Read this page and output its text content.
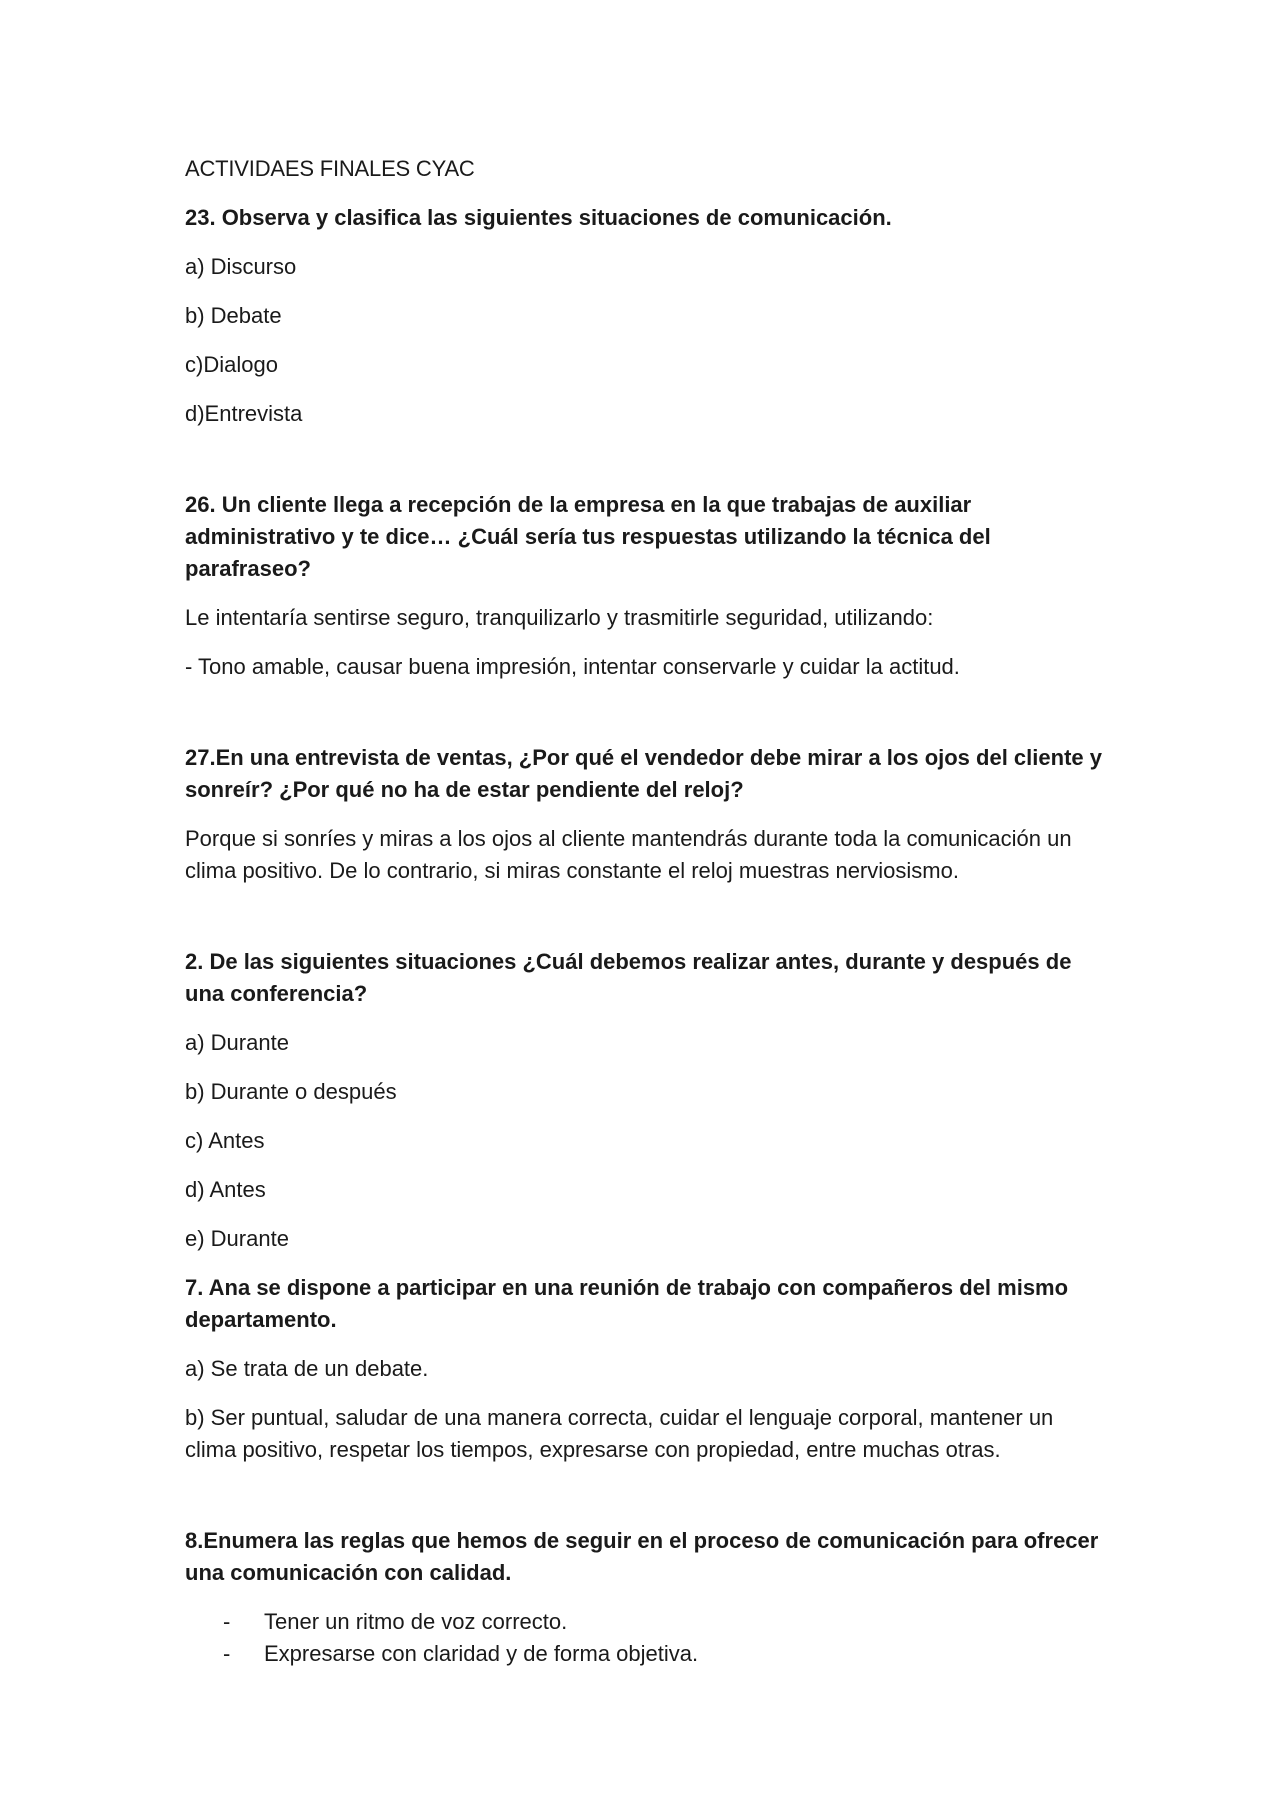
ACTIVIDAES FINALES CYAC

23. Observa y clasifica las siguientes situaciones de comunicación.

a) Discurso

b) Debate

c)Dialogo

d)Entrevista

26. Un cliente llega a recepción de la empresa en la que trabajas de auxiliar administrativo y te dice… ¿Cuál sería tus respuestas utilizando la técnica del parafraseo?

Le intentaría sentirse seguro, tranquilizarlo y trasmitirle seguridad, utilizando:

- Tono amable, causar buena impresión, intentar conservarle y cuidar la actitud.

27.En una entrevista de ventas, ¿Por qué el vendedor debe mirar a los ojos del cliente y sonreír? ¿Por qué no ha de estar pendiente del reloj?

Porque si sonríes y miras a los ojos al cliente mantendrás durante toda la comunicación un clima positivo. De lo contrario, si miras constante el reloj muestras nerviosismo.

2. De las siguientes situaciones ¿Cuál debemos realizar antes, durante y después de una conferencia?

a) Durante

b) Durante o después

c) Antes

d) Antes

e) Durante

7. Ana se dispone a participar en una reunión de trabajo con compañeros del mismo departamento.

a) Se trata de un debate.

b) Ser puntual, saludar de una manera correcta, cuidar el lenguaje corporal, mantener un clima positivo, respetar los tiempos, expresarse con propiedad, entre muchas otras.

8.Enumera las reglas que hemos de seguir en el proceso de comunicación para ofrecer una comunicación con calidad.

- Tener un ritmo de voz correcto.
- Expresarse con claridad y de forma objetiva.
